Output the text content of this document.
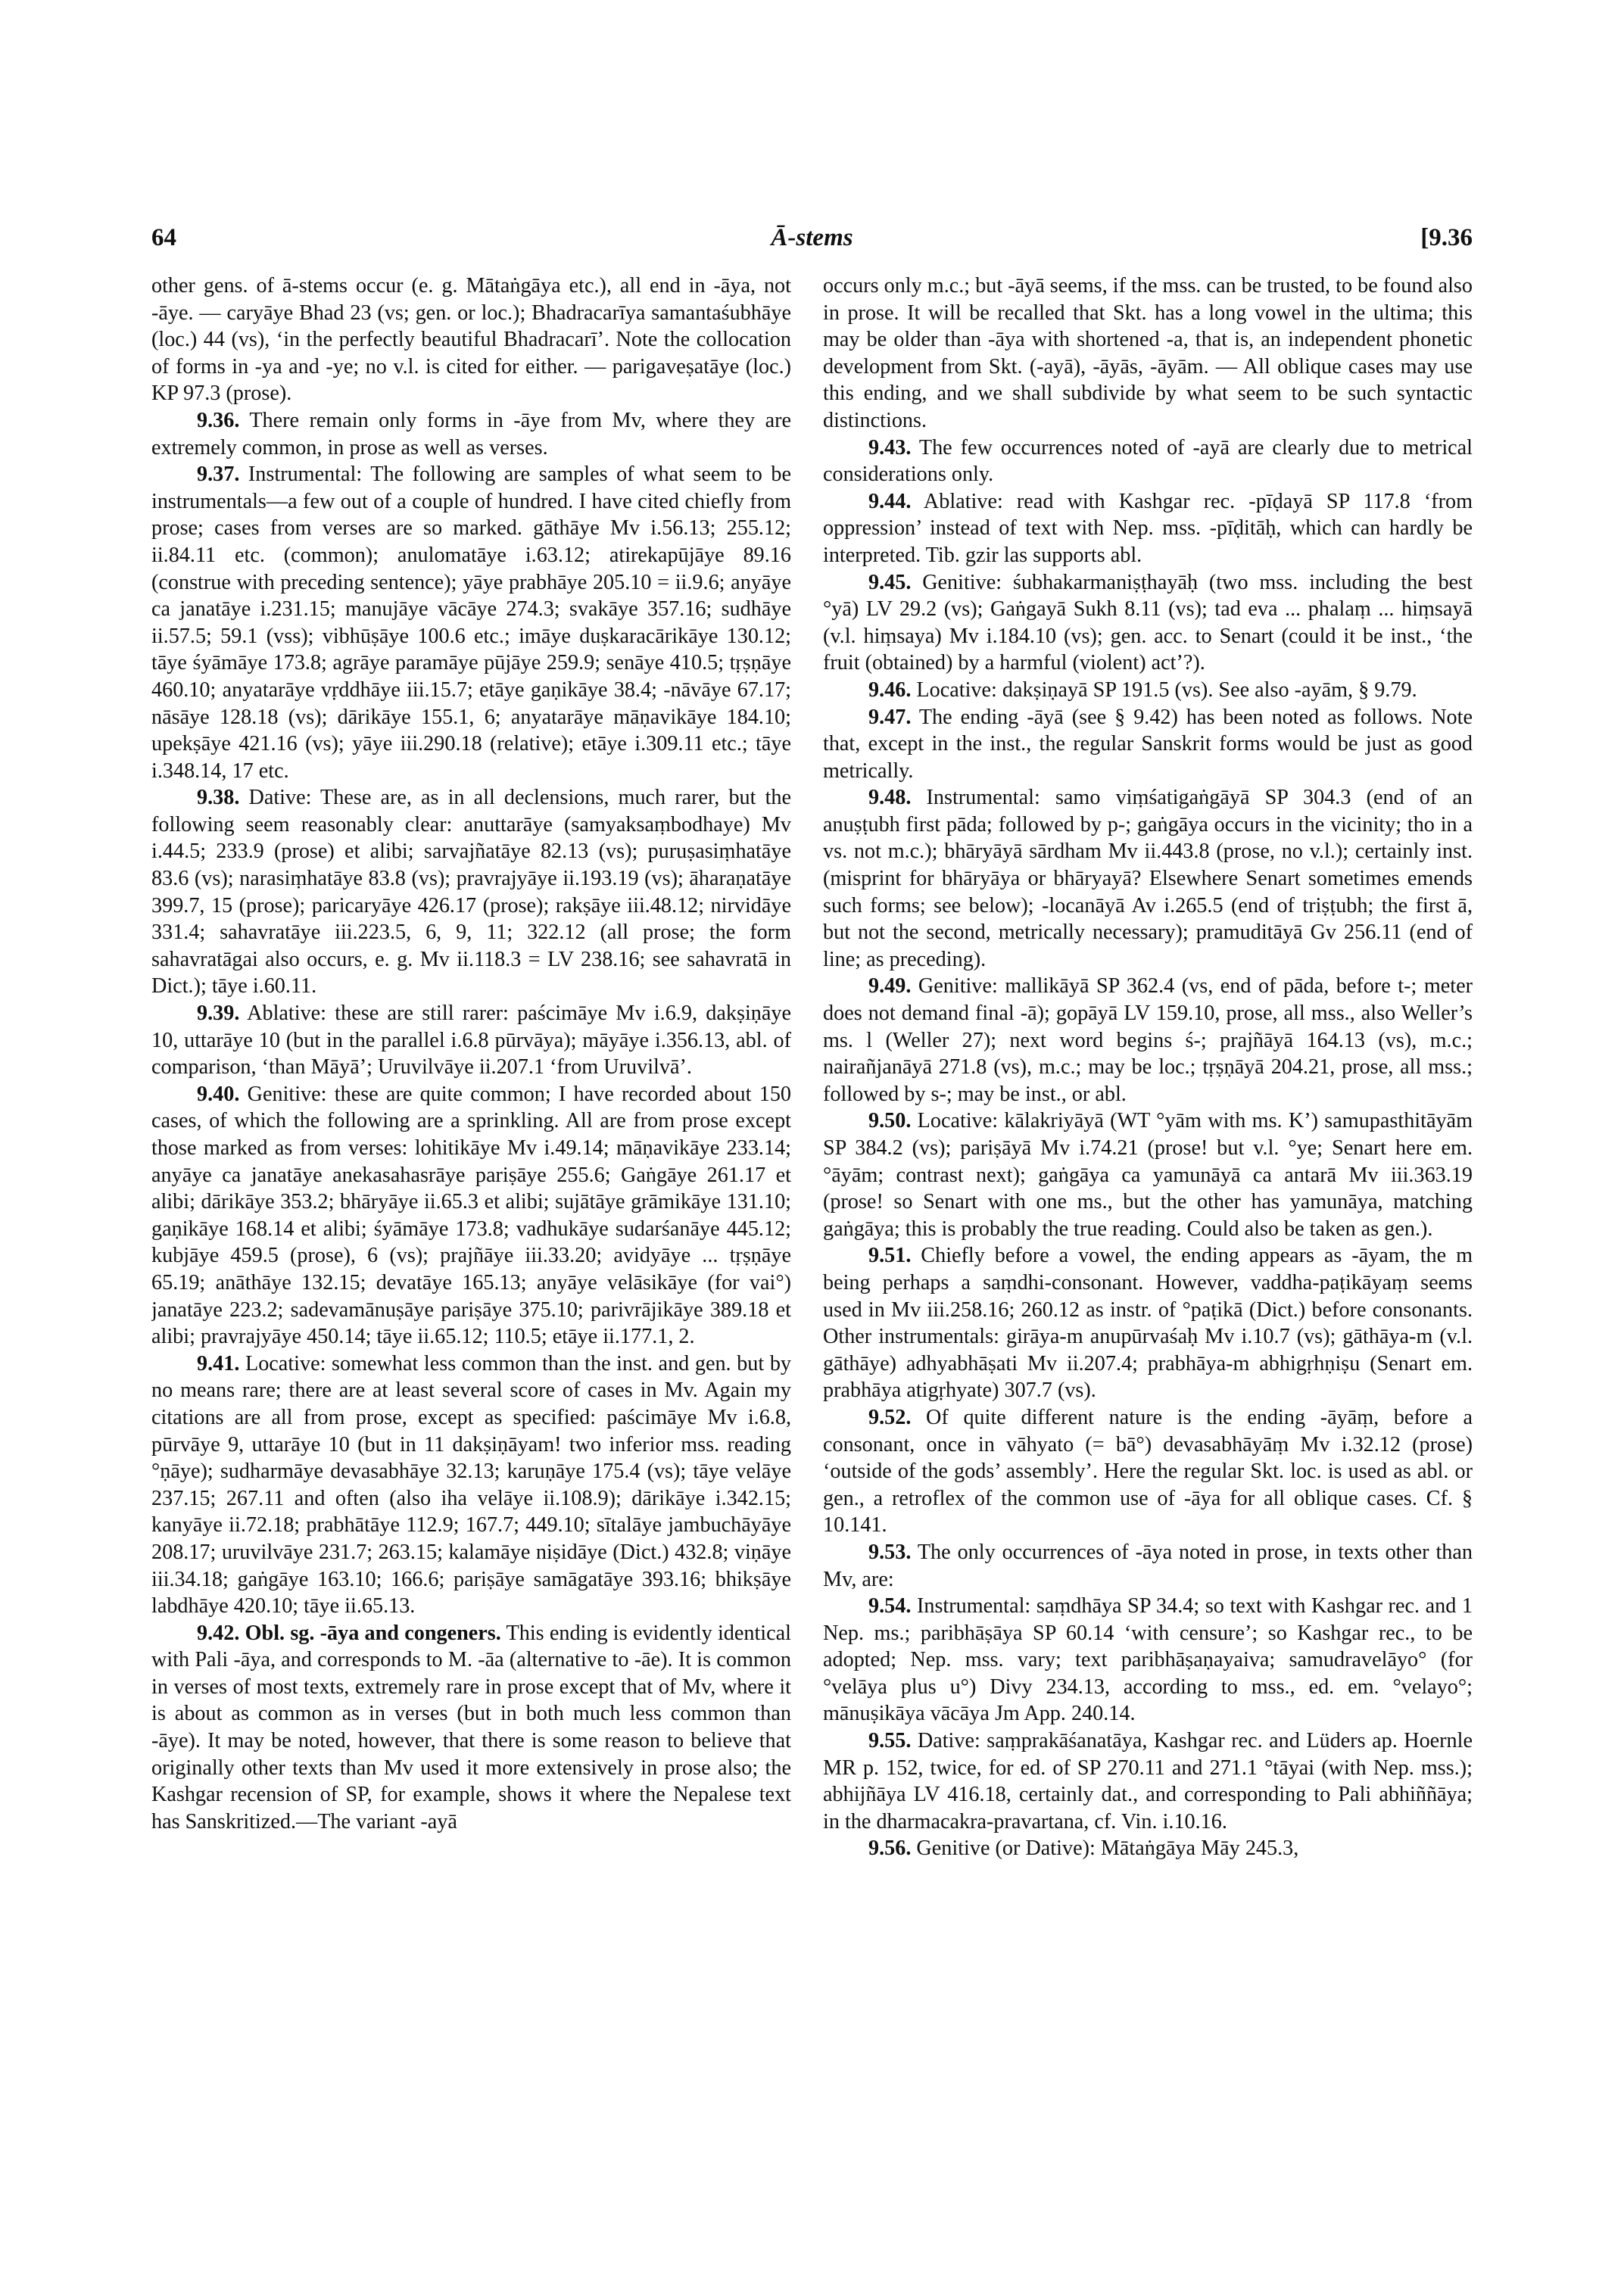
64	Ā-stems	[9.36

other gens. of ā-stems occur (e. g. Mātaṅgāya etc.), all end in -āya, not -āye. — caryāye Bhad 23 (vs; gen. or loc.); Bhadracarīya samantaśubhāye (loc.) 44 (vs), ‘in the perfectly beautiful Bhadracarī’. Note the collocation of forms in -ya and -ye; no v.l. is cited for either. — parigaveṣatāye (loc.) KP 97.3 (prose).

9.36. There remain only forms in -āye from Mv, where they are extremely common, in prose as well as verses.

9.37. Instrumental: The following are samples of what seem to be instrumentals—a few out of a couple of hundred. I have cited chiefly from prose; cases from verses are so marked. gāthāye Mv i.56.13; 255.12; ii.84.11 etc. (common); anulomatāye i.63.12; atirekapūjāye 89.16 (construe with preceding sentence); yāye prabhāye 205.10 = ii.9.6; anyāye ca janatāye i.231.15; manujāye vācāye 274.3; svakāye 357.16; sudhāye ii.57.5; 59.1 (vss); vibhūṣāye 100.6 etc.; imāye duṣkaracārikāye 130.12; tāye śyāmāye 173.8; agrāye paramāye pūjāye 259.9; senāye 410.5; tṛṣṇāye 460.10; anyatarāye vṛddhāye iii.15.7; etāye gaṇikāye 38.4; -nāvāye 67.17; nāsāye 128.18 (vs); dārikāye 155.1, 6; anyatarāye māṇavikāye 184.10; upekṣāye 421.16 (vs); yāye iii.290.18 (relative); etāye i.309.11 etc.; tāye i.348.14, 17 etc.

9.38. Dative: These are, as in all declensions, much rarer, but the following seem reasonably clear: anuttarāye (samyaksaṃbodhaye) Mv i.44.5; 233.9 (prose) et alibi; sarvajñatāye 82.13 (vs); puruṣasiṃhatāye 83.6 (vs); narasiṃhatāye 83.8 (vs); pravrajyāye ii.193.19 (vs); āharaṇatāye 399.7, 15 (prose); paricaryāye 426.17 (prose); rakṣāye iii.48.12; nirvidāye 331.4; sahavratāye iii.223.5, 6, 9, 11; 322.12 (all prose; the form sahavratāgai also occurs, e. g. Mv ii.118.3 = LV 238.16; see sahavratā in Dict.); tāye i.60.11.

9.39. Ablative: these are still rarer: paścimāye Mv i.6.9, dakṣiṇāye 10, uttarāye 10 (but in the parallel i.6.8 pūrvāya); māyāye i.356.13, abl. of comparison, ‘than Māyā’; Uruvilvāye ii.207.1 ‘from Uruvilvā’.

9.40. Genitive: these are quite common; I have recorded about 150 cases, of which the following are a sprinkling. All are from prose except those marked as from verses: lohitikāye Mv i.49.14; māṇavikāye 233.14; anyāye ca janatāye anekasahasrāye pariṣāye 255.6; Gaṅgāye 261.17 et alibi; dārikāye 353.2; bhāryāye ii.65.3 et alibi; sujātāye grāmikāye 131.10; gaṇikāye 168.14 et alibi; śyāmāye 173.8; vadhukāye sudarśanāye 445.12; kubjāye 459.5 (prose), 6 (vs); prajñāye iii.33.20; avidyāye ... tṛṣṇāye 65.19; anāthāye 132.15; devatāye 165.13; anyāye velāsikāye (for vai°) janatāye 223.2; sadevamānuṣāye pariṣāye 375.10; parivrājikāye 389.18 et alibi; pravrajyāye 450.14; tāye ii.65.12; 110.5; etāye ii.177.1, 2.

9.41. Locative: somewhat less common than the inst. and gen. but by no means rare; there are at least several score of cases in Mv. Again my citations are all from prose, except as specified: paścimāye Mv i.6.8, pūrvāye 9, uttarāye 10 (but in 11 dakṣiṇāyam! two inferior mss. reading °ṇāye); sudharmāye devasabhāye 32.13; karuṇāye 175.4 (vs); tāye velāye 237.15; 267.11 and often (also iha velāye ii.108.9); dārikāye i.342.15; kanyāye ii.72.18; prabhātāye 112.9; 167.7; 449.10; sītalāye jambuchāyāye 208.17; uruvilvāye 231.7; 263.15; kalamāye niṣidāye (Dict.) 432.8; viṇāye iii.34.18; gaṅgāye 163.10; 166.6; pariṣāye samāgatāye 393.16; bhikṣāye labdhāye 420.10; tāye ii.65.13.

9.42. Obl. sg. -āya and congeners. This ending is evidently identical with Pali -āya, and corresponds to M. -āa (alternative to -āe). It is common in verses of most texts, extremely rare in prose except that of Mv, where it is about as common as in verses (but in both much less common than -āye). It may be noted, however, that there is some reason to believe that originally other texts than Mv used it more extensively in prose also; the Kashgar recension of SP, for example, shows it where the Nepalese text has Sanskritized.—The variant -ayā

occurs only m.c.; but -āyā seems, if the mss. can be trusted, to be found also in prose. It will be recalled that Skt. has a long vowel in the ultima; this may be older than -āya with shortened -a, that is, an independent phonetic development from Skt. (-ayā), -āyās, -āyām. — All oblique cases may use this ending, and we shall subdivide by what seem to be such syntactic distinctions.

9.43. The few occurrences noted of -ayā are clearly due to metrical considerations only.

9.44. Ablative: read with Kashgar rec. -pīḍayā SP 117.8 ‘from oppression’ instead of text with Nep. mss. -pīḍitāḥ, which can hardly be interpreted. Tib. gzir las supports abl.

9.45. Genitive: śubhakarmaniṣṭhayāḥ (two mss. including the best °yā) LV 29.2 (vs); Gaṅgayā Sukh 8.11 (vs); tad eva ... phalaṃ ... hiṃsayā (v.l. hiṃsaya) Mv i.184.10 (vs); gen. acc. to Senart (could it be inst., ‘the fruit (obtained) by a harmful (violent) act’?).

9.46. Locative: dakṣiṇayā SP 191.5 (vs). See also -ayām, § 9.79.

9.47. The ending -āyā (see § 9.42) has been noted as follows. Note that, except in the inst., the regular Sanskrit forms would be just as good metrically.

9.48. Instrumental: samo viṃśatigaṅgāyā SP 304.3 (end of an anuṣṭubh first pāda; followed by p-; gaṅgāya occurs in the vicinity; tho in a vs. not m.c.); bhāryāyā sārdham Mv ii.443.8 (prose, no v.l.); certainly inst. (misprint for bhāryāya or bhāryayā? Elsewhere Senart sometimes emends such forms; see below); -locanāyā Av i.265.5 (end of triṣṭubh; the first ā, but not the second, metrically necessary); pramuditāyā Gv 256.11 (end of line; as preceding).

9.49. Genitive: mallikāyā SP 362.4 (vs, end of pāda, before t-; meter does not demand final -ā); gopāyā LV 159.10, prose, all mss., also Weller’s ms. l (Weller 27); next word begins ś-; prajñāyā 164.13 (vs), m.c.; nairañjanāyā 271.8 (vs), m.c.; may be loc.; tṛṣṇāyā 204.21, prose, all mss.; followed by s-; may be inst., or abl.

9.50. Locative: kālakriyāyā (WT °yām with ms. K’) samupasthitāyām SP 384.2 (vs); pariṣāyā Mv i.74.21 (prose! but v.l. °ye; Senart here em. °āyām; contrast next); gaṅgāya ca yamunāyā ca antarā Mv iii.363.19 (prose! so Senart with one ms., but the other has yamunāya, matching gaṅgāya; this is probably the true reading. Could also be taken as gen.).

9.51. Chiefly before a vowel, the ending appears as -āyam, the m being perhaps a saṃdhi-consonant. However, vaddha-paṭikāyaṃ seems used in Mv iii.258.16; 260.12 as instr. of °paṭikā (Dict.) before consonants. Other instrumentals: girāya-m anupūrvaśaḥ Mv i.10.7 (vs); gāthāya-m (v.l. gāthāye) adhyabhāṣati Mv ii.207.4; prabhāya-m abhigṛhṇiṣu (Senart em. prabhāya atigṛhyate) 307.7 (vs).

9.52. Of quite different nature is the ending -āyāṃ, before a consonant, once in vāhyato (= bā°) devasabhāyāṃ Mv i.32.12 (prose) ‘outside of the gods’ assembly’. Here the regular Skt. loc. is used as abl. or gen., a retroflex of the common use of -āya for all oblique cases. Cf. § 10.141.

9.53. The only occurrences of -āya noted in prose, in texts other than Mv, are:

9.54. Instrumental: saṃdhāya SP 34.4; so text with Kashgar rec. and 1 Nep. ms.; paribhāṣāya SP 60.14 ‘with censure’; so Kashgar rec., to be adopted; Nep. mss. vary; text paribhāṣaṇayaiva; samudravelāyo° (for °velāya plus u°) Divy 234.13, according to mss., ed. em. °velayo°; mānuṣikāya vācāya Jm App. 240.14.

9.55. Dative: saṃprakāśanatāya, Kashgar rec. and Lüders ap. Hoernle MR p. 152, twice, for ed. of SP 270.11 and 271.1 °tāyai (with Nep. mss.); abhijñāya LV 416.18, certainly dat., and corresponding to Pali abhiññāya; in the dharmacakra-pravartana, cf. Vin. i.10.16.

9.56. Genitive (or Dative): Mātaṅgāya Māy 245.3,
